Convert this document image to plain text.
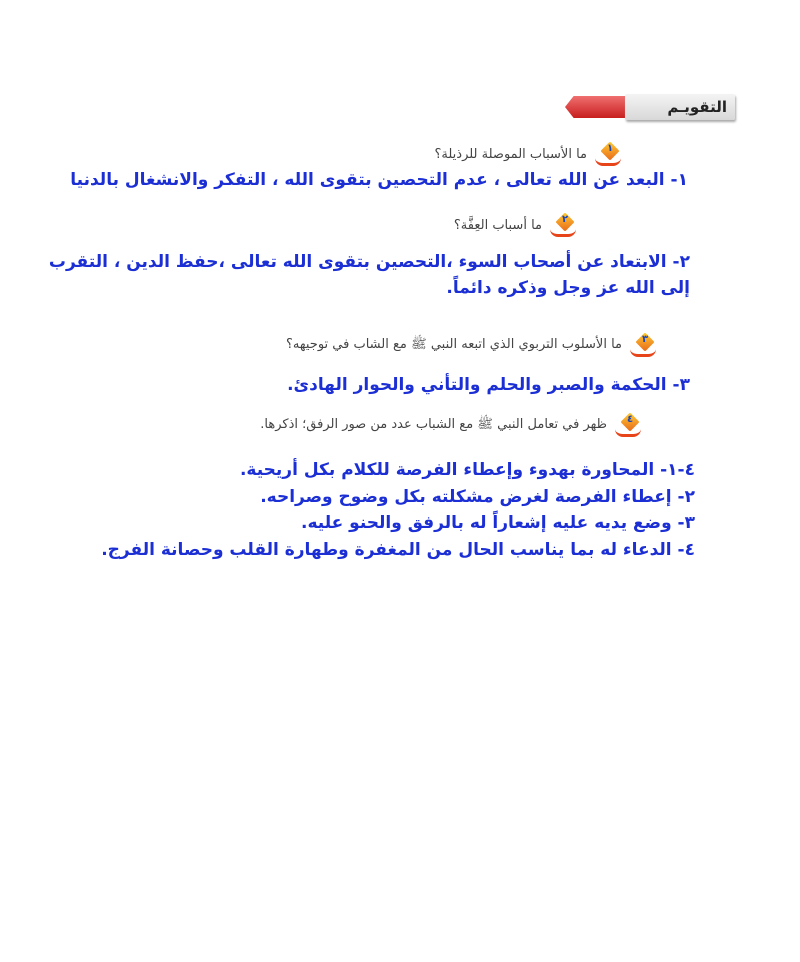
التقويـم
١
ما الأسباب الموصلة للرذيلة؟
١- البعد عن الله تعالى ، عدم التحصين بتقوى الله ، التفكر والانشغال بالدنيا
٢
ما أسباب العِفَّة؟
٢- الابتعاد عن أصحاب السوء ،التحصين بتقوى الله تعالى ،حفظ الدين ، التقرب
إلى الله عز وجل وذكره دائماً.
٣
ما الأسلوب التربوي الذي اتبعه النبي ﷺ مع الشاب في توجيهه؟
٣- الحكمة والصبر والحلم والتأني والحوار الهادئ.
٤
ظهر في تعامل النبي ﷺ مع الشباب عدد من صور الرفق؛ اذكرها.
٤-١- المحاورة بهدوء وإعطاء الفرصة للكلام بكل أريحية.
٢- إعطاء الفرصة لغرض مشكلته بكل وضوح وصراحه.
٣- وضع يديه عليه إشعاراً له بالرفق والحنو عليه.
٤- الدعاء له بما يناسب الحال من المغفرة وطهارة القلب وحصانة الفرج.
